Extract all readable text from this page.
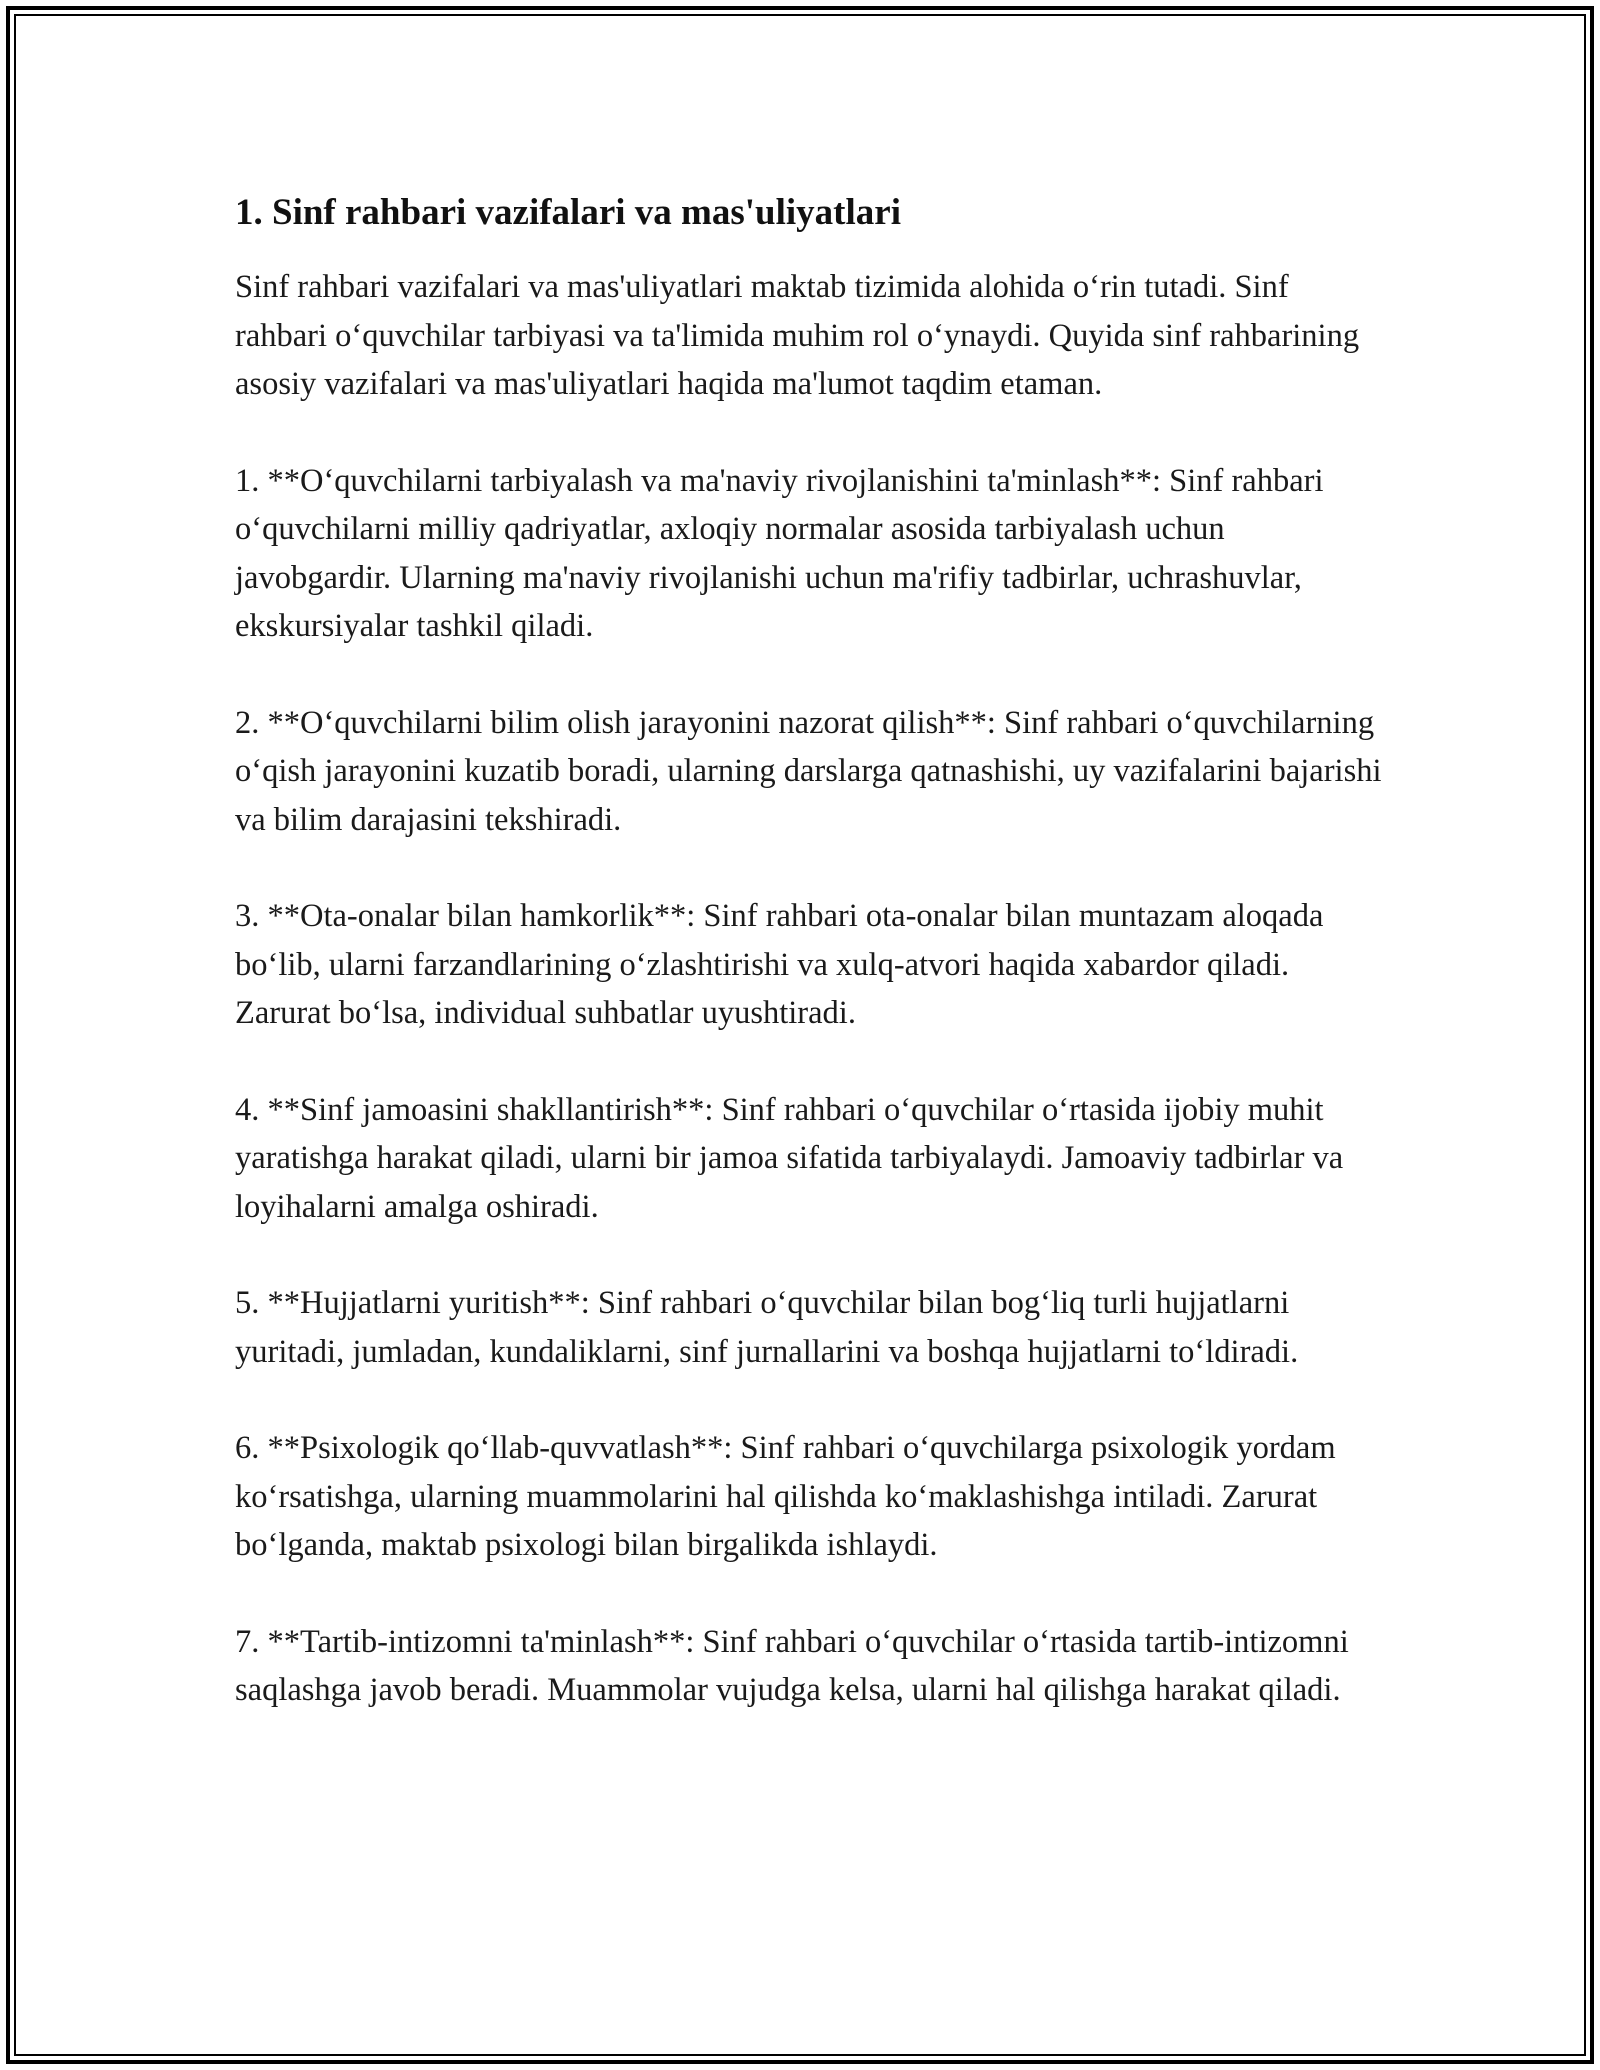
1. Sinf rahbari vazifalari va mas'uliyatlari

Sinf rahbari vazifalari va mas'uliyatlari maktab tizimida alohida o‘rin tutadi. Sinf rahbari o‘quvchilar tarbiyasi va ta'limida muhim rol o‘ynaydi. Quyida sinf rahbarining asosiy vazifalari va mas'uliyatlari haqida ma'lumot taqdim etaman.

1. **O‘quvchilarni tarbiyalash va ma'naviy rivojlanishini ta'minlash**: Sinf rahbari o‘quvchilarni milliy qadriyatlar, axloqiy normalar asosida tarbiyalash uchun javobgardir. Ularning ma'naviy rivojlanishi uchun ma'rifiy tadbirlar, uchrashuvlar, ekskursiyalar tashkil qiladi.

2. **O‘quvchilarni bilim olish jarayonini nazorat qilish**: Sinf rahbari o‘quvchilarning o‘qish jarayonini kuzatib boradi, ularning darslarga qatnashishi, uy vazifalarini bajarishi va bilim darajasini tekshiradi.

3. **Ota-onalar bilan hamkorlik**: Sinf rahbari ota-onalar bilan muntazam aloqada bo‘lib, ularni farzandlarining o‘zlashtirishi va xulq-atvori haqida xabardor qiladi. Zarurat bo‘lsa, individual suhbatlar uyushtiradi.

4. **Sinf jamoasini shakllantirish**: Sinf rahbari o‘quvchilar o‘rtasida ijobiy muhit yaratishga harakat qiladi, ularni bir jamoa sifatida tarbiyalaydi. Jamoaviy tadbirlar va loyihalarni amalga oshiradi.

5. **Hujjatlarni yuritish**: Sinf rahbari o‘quvchilar bilan bog‘liq turli hujjatlarni yuritadi, jumladan, kundaliklarni, sinf jurnallarini va boshqa hujjatlarni to‘ldiradi.

6. **Psixologik qo‘llab-quvvatlash**: Sinf rahbari o‘quvchilarga psixologik yordam ko‘rsatishga, ularning muammolarini hal qilishda ko‘maklashishga intiladi. Zarurat bo‘lganda, maktab psixologi bilan birgalikda ishlaydi.

7. **Tartib-intizomni ta'minlash**: Sinf rahbari o‘quvchilar o‘rtasida tartib-intizomni saqlashga javob beradi. Muammolar vujudga kelsa, ularni hal qilishga harakat qiladi.
